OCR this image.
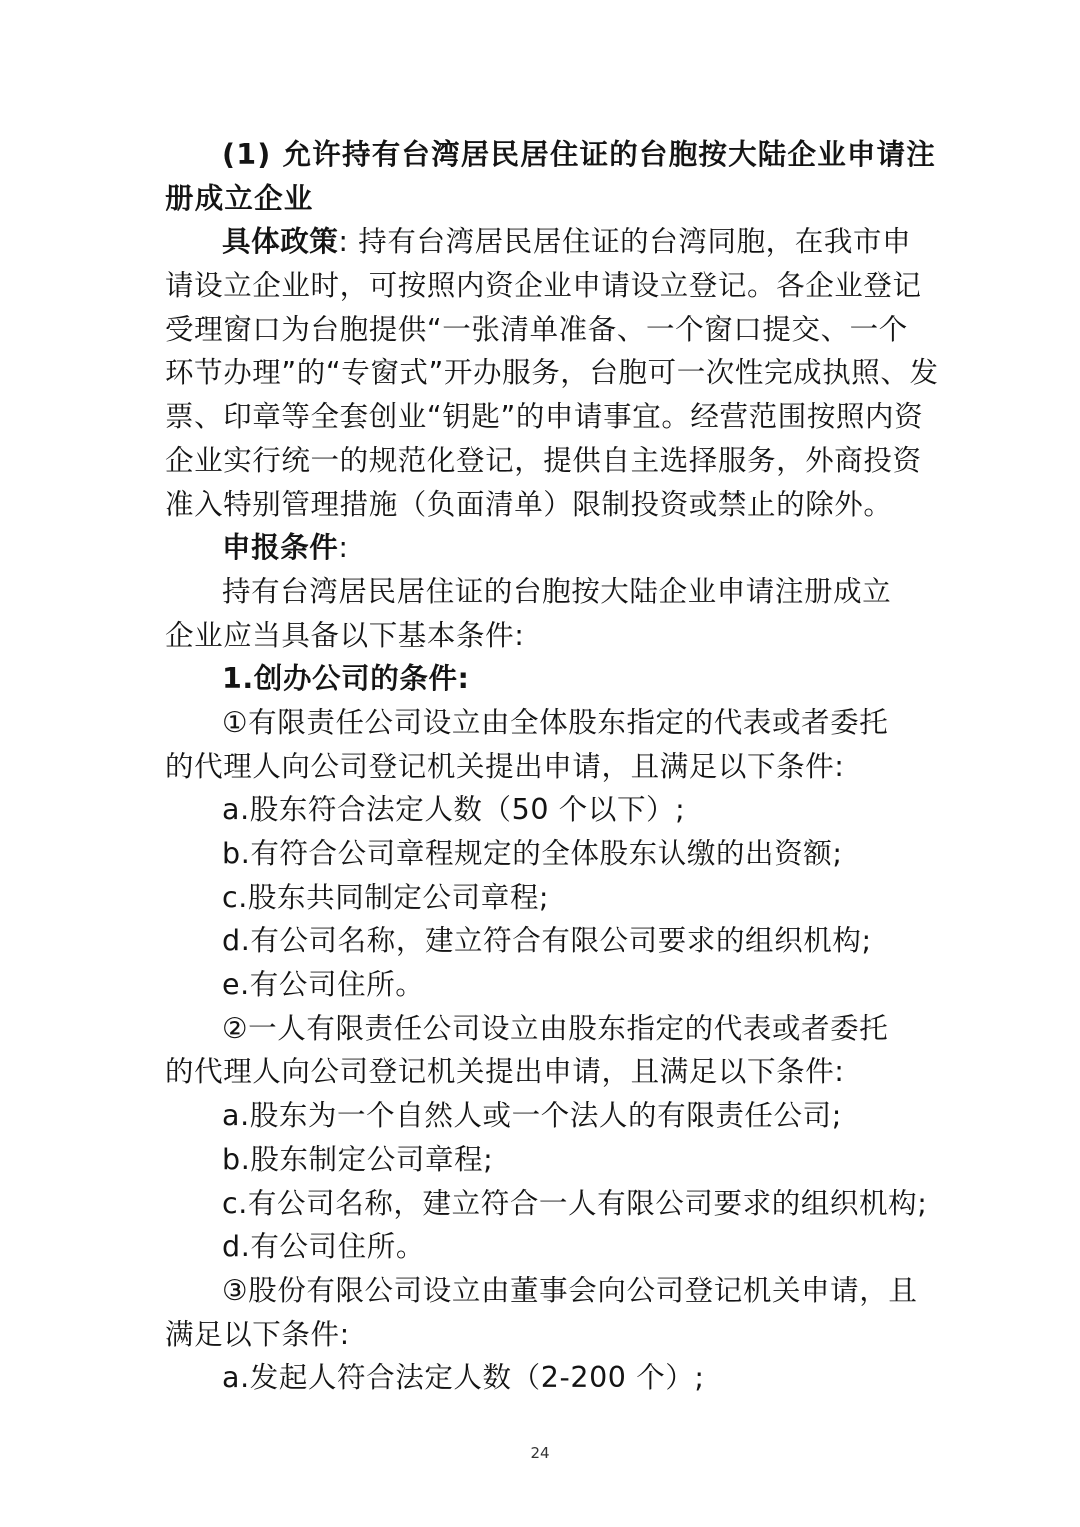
(1) 允许持有台湾居民居住证的台胞按大陆企业申请注
册成立企业
具体政策: 持有台湾居民居住证的台湾同胞，在我市申
请设立企业时，可按照内资企业申请设立登记。各企业登记
受理窗口为台胞提供“一张清单准备、一个窗口提交、一个
环节办理”的“专窗式”开办服务，台胞可一次性完成执照、发
票、印章等全套创业“钥匙”的申请事宜。经营范围按照内资
企业实行统一的规范化登记，提供自主选择服务，外商投资
准入特别管理措施（负面清单）限制投资或禁止的除外。
申报条件:
持有台湾居民居住证的台胞按大陆企业申请注册成立
企业应当具备以下基本条件:
1.创办公司的条件:
①有限责任公司设立由全体股东指定的代表或者委托
的代理人向公司登记机关提出申请，且满足以下条件:
a.股东符合法定人数（50 个以下）;
b.有符合公司章程规定的全体股东认缴的出资额;
c.股东共同制定公司章程;
d.有公司名称，建立符合有限公司要求的组织机构;
e.有公司住所。
②一人有限责任公司设立由股东指定的代表或者委托
的代理人向公司登记机关提出申请，且满足以下条件:
a.股东为一个自然人或一个法人的有限责任公司;
b.股东制定公司章程;
c.有公司名称，建立符合一人有限公司要求的组织机构;
d.有公司住所。
③股份有限公司设立由董事会向公司登记机关申请，且
满足以下条件:
a.发起人符合法定人数（2-200 个）;
24
